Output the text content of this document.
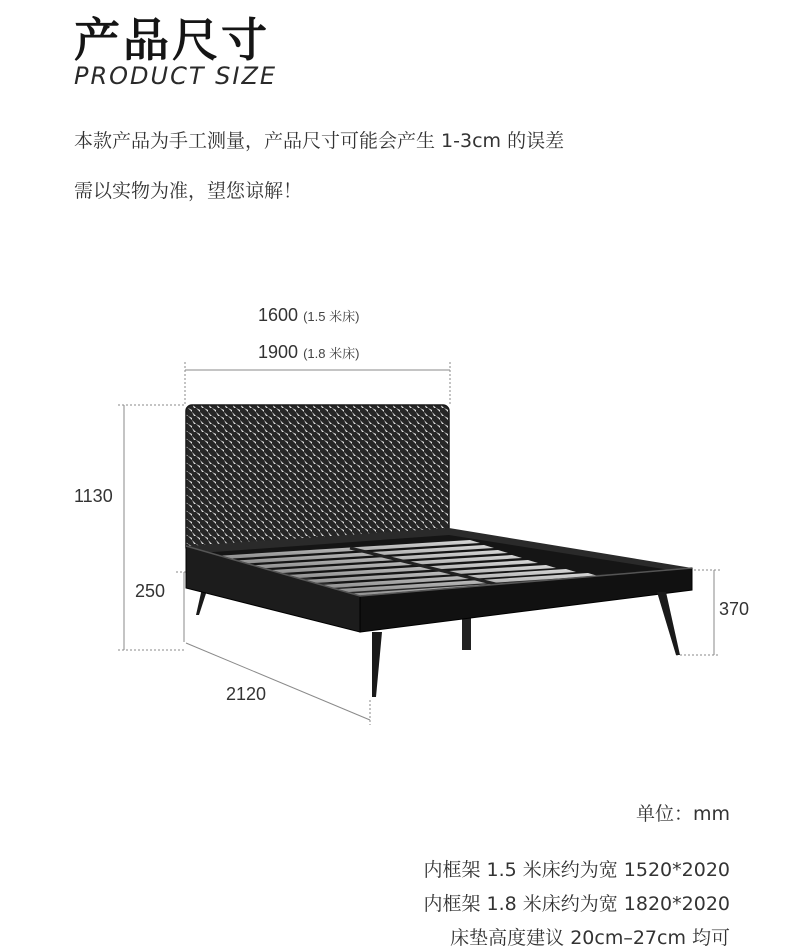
产品尺寸
PRODUCT SIZE
本款产品为手工测量，产品尺寸可能会产生 1-3cm 的误差
需以实物为准，望您谅解！
1600 (1.5 米床)
1900 (1.8 米床)
1130
250
370
2120
单位：mm
内框架 1.5 米床约为宽 1520*2020
内框架 1.8 米床约为宽 1820*2020
床垫高度建议 20cm–27cm 均可
